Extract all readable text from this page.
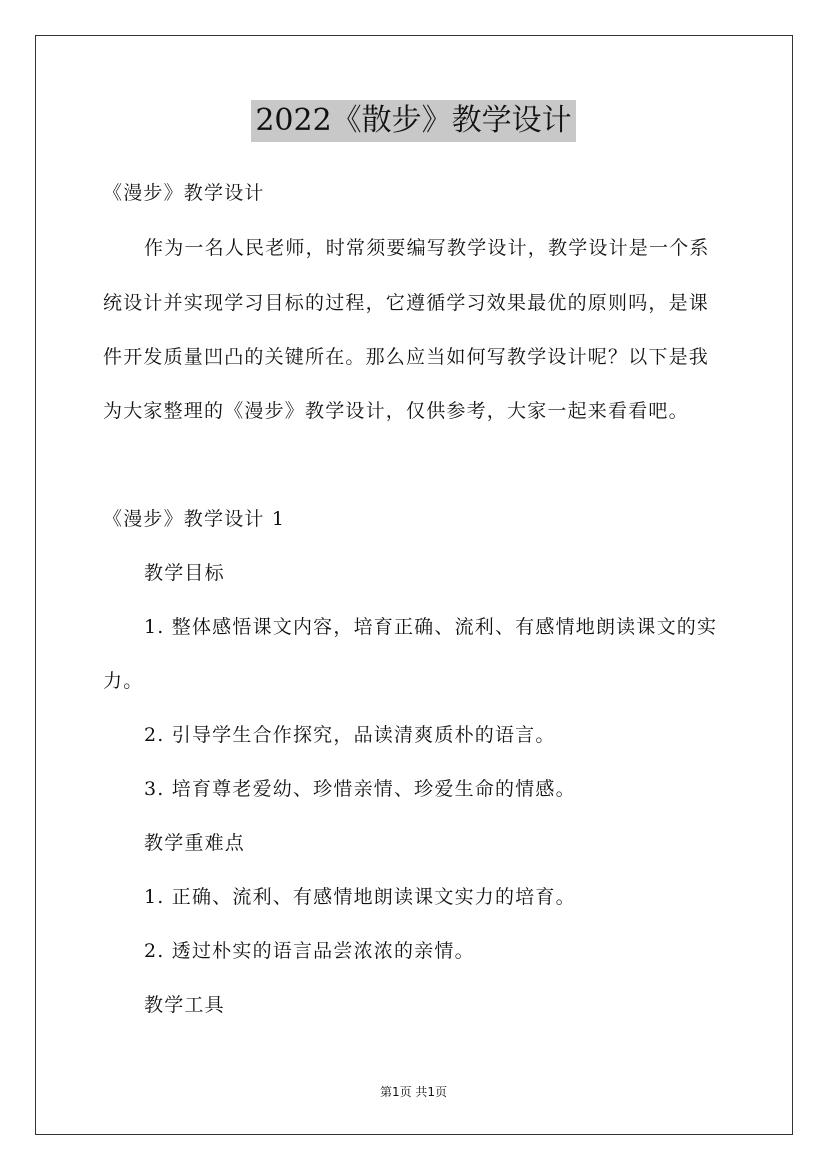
2022《散步》教学设计
《漫步》教学设计
作为一名人民老师，时常须要编写教学设计，教学设计是一个系
统设计并实现学习目标的过程，它遵循学习效果最优的原则吗，是课
件开发质量凹凸的关键所在。那么应当如何写教学设计呢？以下是我
为大家整理的《漫步》教学设计，仅供参考，大家一起来看看吧。
《漫步》教学设计 1
教学目标
1. 整体感悟课文内容，培育正确、流利、有感情地朗读课文的实
力。
2. 引导学生合作探究，品读清爽质朴的语言。
3. 培育尊老爱幼、珍惜亲情、珍爱生命的情感。
教学重难点
1. 正确、流利、有感情地朗读课文实力的培育。
2. 透过朴实的语言品尝浓浓的亲情。
教学工具
第1页 共1页
